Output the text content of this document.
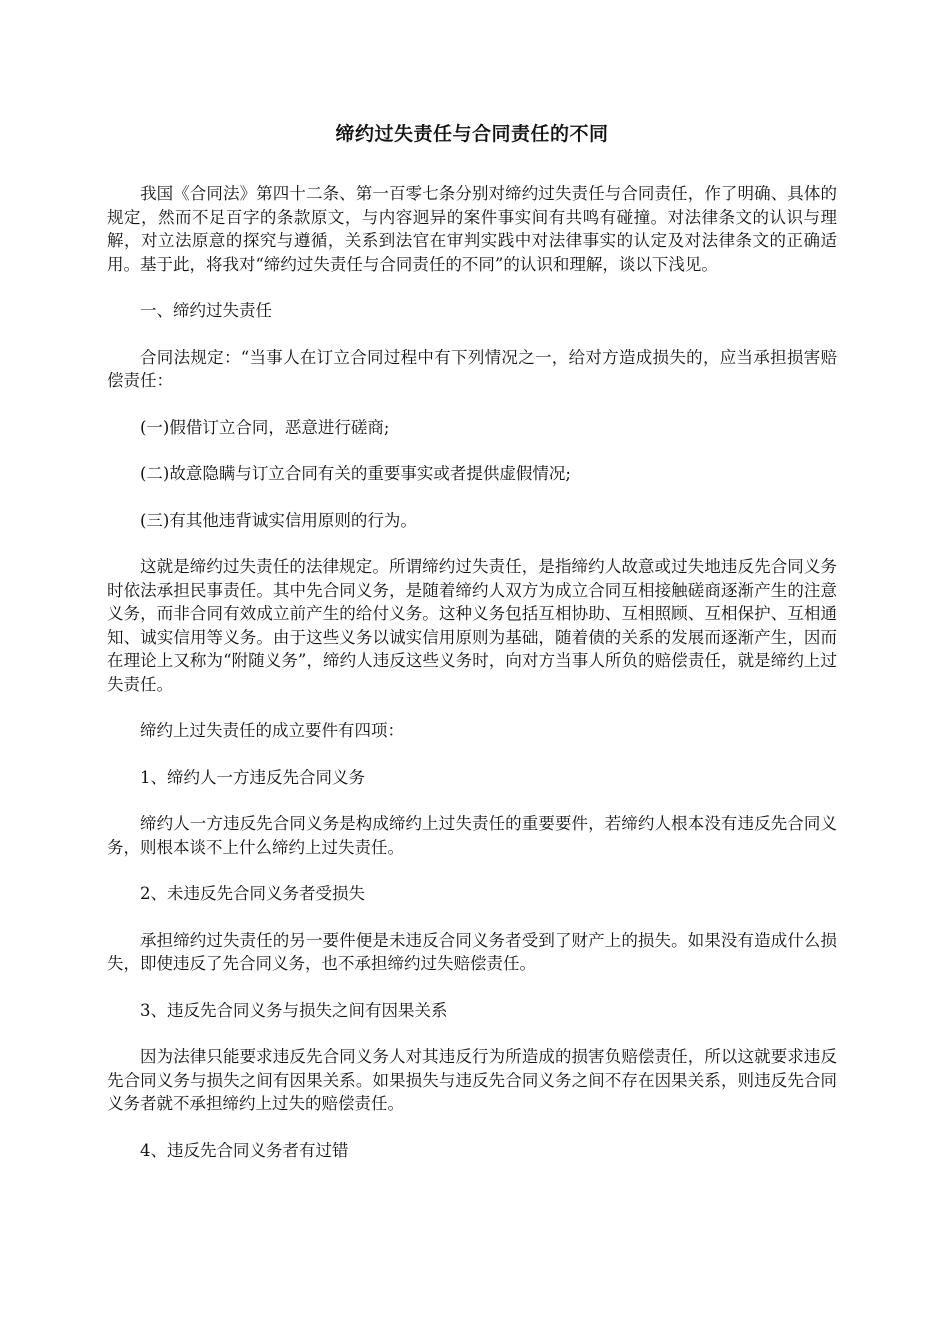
缔约过失责任与合同责任的不同

我国《合同法》第四十二条、第一百零七条分别对缔约过失责任与合同责任，作了明确、具体的规定，然而不足百字的条款原文，与内容迥异的案件事实间有共鸣有碰撞。对法律条文的认识与理解，对立法原意的探究与遵循，关系到法官在审判实践中对法律事实的认定及对法律条文的正确适用。基于此，将我对“缔约过失责任与合同责任的不同”的认识和理解，谈以下浅见。

一、缔约过失责任

合同法规定：“当事人在订立合同过程中有下列情况之一，给对方造成损失的，应当承担损害赔偿责任：

(一)假借订立合同，恶意进行磋商;

(二)故意隐瞒与订立合同有关的重要事实或者提供虚假情况;

(三)有其他违背诚实信用原则的行为。

这就是缔约过失责任的法律规定。所谓缔约过失责任，是指缔约人故意或过失地违反先合同义务时依法承担民事责任。其中先合同义务，是随着缔约人双方为成立合同互相接触磋商逐渐产生的注意义务，而非合同有效成立前产生的给付义务。这种义务包括互相协助、互相照顾、互相保护、互相通知、诚实信用等义务。由于这些义务以诚实信用原则为基础，随着债的关系的发展而逐渐产生，因而在理论上又称为“附随义务”，缔约人违反这些义务时，向对方当事人所负的赔偿责任，就是缔约上过失责任。

缔约上过失责任的成立要件有四项：

1、缔约人一方违反先合同义务

缔约人一方违反先合同义务是构成缔约上过失责任的重要要件，若缔约人根本没有违反先合同义务，则根本谈不上什么缔约上过失责任。

2、未违反先合同义务者受损失

承担缔约过失责任的另一要件便是未违反合同义务者受到了财产上的损失。如果没有造成什么损失，即使违反了先合同义务，也不承担缔约过失赔偿责任。

3、违反先合同义务与损失之间有因果关系

因为法律只能要求违反先合同义务人对其违反行为所造成的损害负赔偿责任，所以这就要求违反先合同义务与损失之间有因果关系。如果损失与违反先合同义务之间不存在因果关系，则违反先合同义务者就不承担缔约上过失的赔偿责任。

4、违反先合同义务者有过错
